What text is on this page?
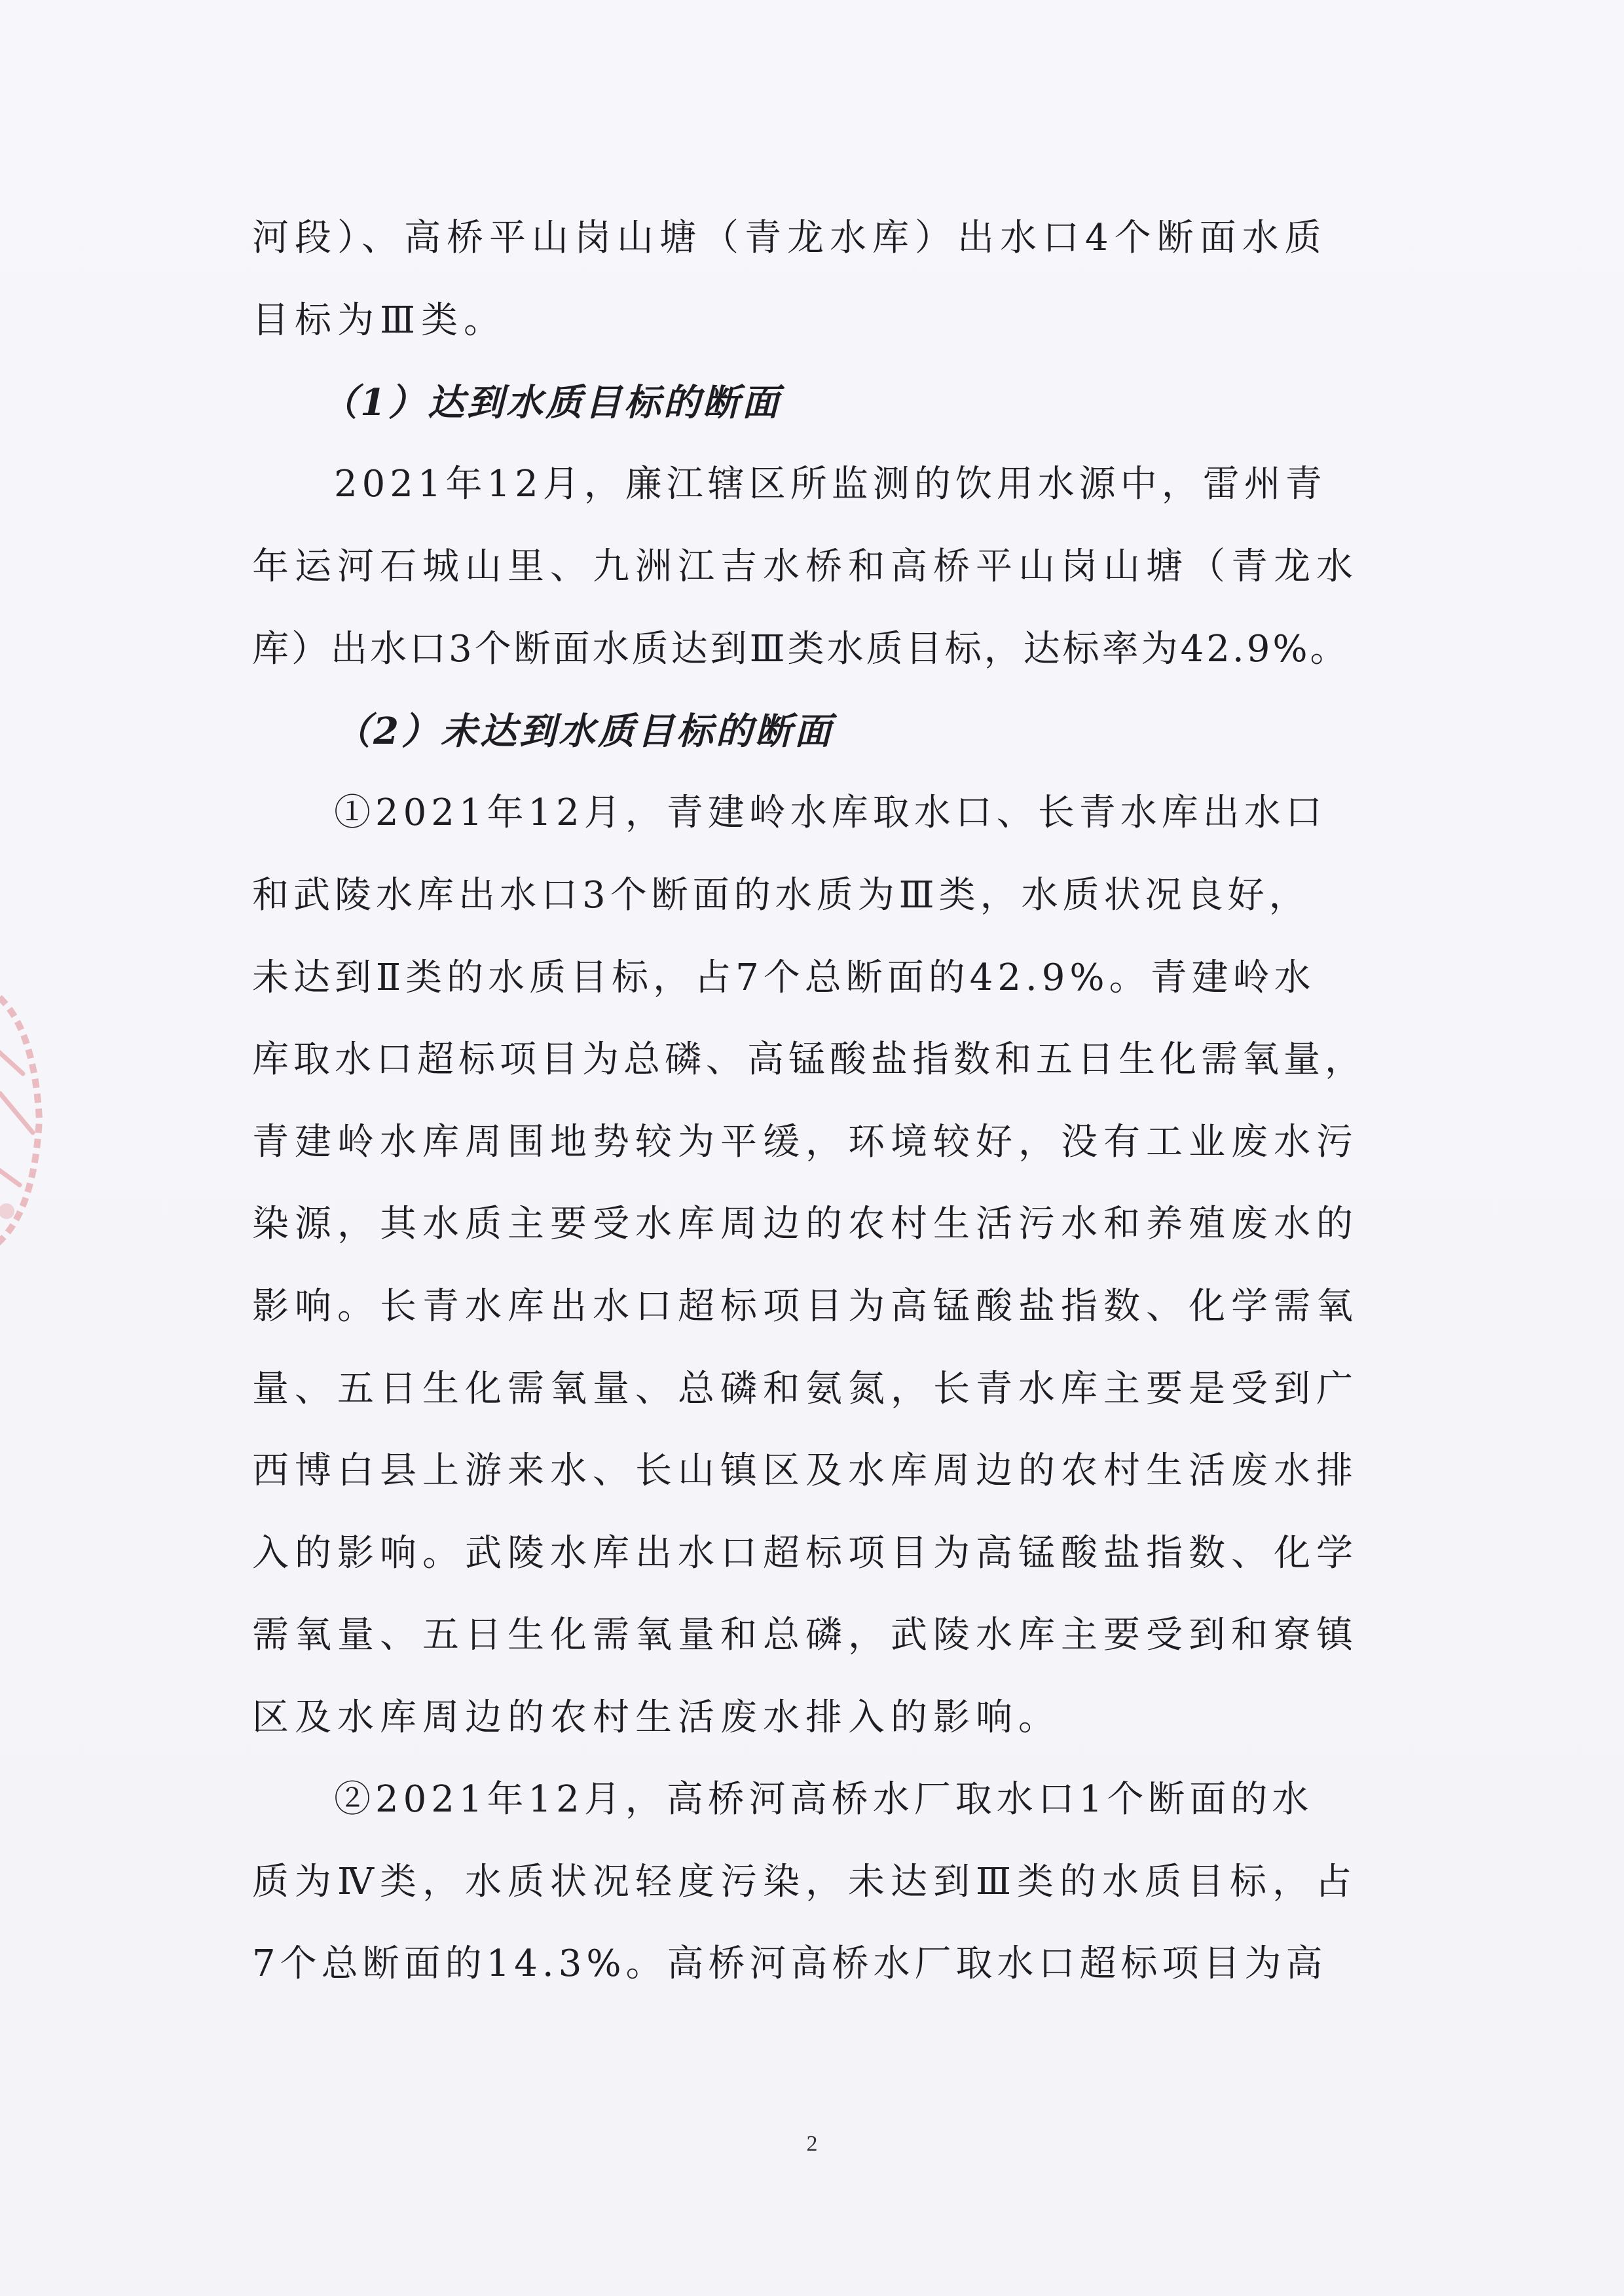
河段）、高桥平山岗山塘（青龙水库）出水口4个断面水质
目标为Ⅲ类。
（1）达到水质目标的断面
2021年12月，廉江辖区所监测的饮用水源中，雷州青
年运河石城山里、九洲江吉水桥和高桥平山岗山塘（青龙水
库）出水口3个断面水质达到Ⅲ类水质目标，达标率为42.9%。
（2）未达到水质目标的断面
①2021年12月，青建岭水库取水口、长青水库出水口
和武陵水库出水口3个断面的水质为Ⅲ类，水质状况良好，
未达到Ⅱ类的水质目标，占7个总断面的42.9%。青建岭水
库取水口超标项目为总磷、高锰酸盐指数和五日生化需氧量，
青建岭水库周围地势较为平缓，环境较好，没有工业废水污
染源，其水质主要受水库周边的农村生活污水和养殖废水的
影响。长青水库出水口超标项目为高锰酸盐指数、化学需氧
量、五日生化需氧量、总磷和氨氮，长青水库主要是受到广
西博白县上游来水、长山镇区及水库周边的农村生活废水排
入的影响。武陵水库出水口超标项目为高锰酸盐指数、化学
需氧量、五日生化需氧量和总磷，武陵水库主要受到和寮镇
区及水库周边的农村生活废水排入的影响。
②2021年12月，高桥河高桥水厂取水口1个断面的水
质为Ⅳ类，水质状况轻度污染，未达到Ⅲ类的水质目标，占
7个总断面的14.3%。高桥河高桥水厂取水口超标项目为高
2
